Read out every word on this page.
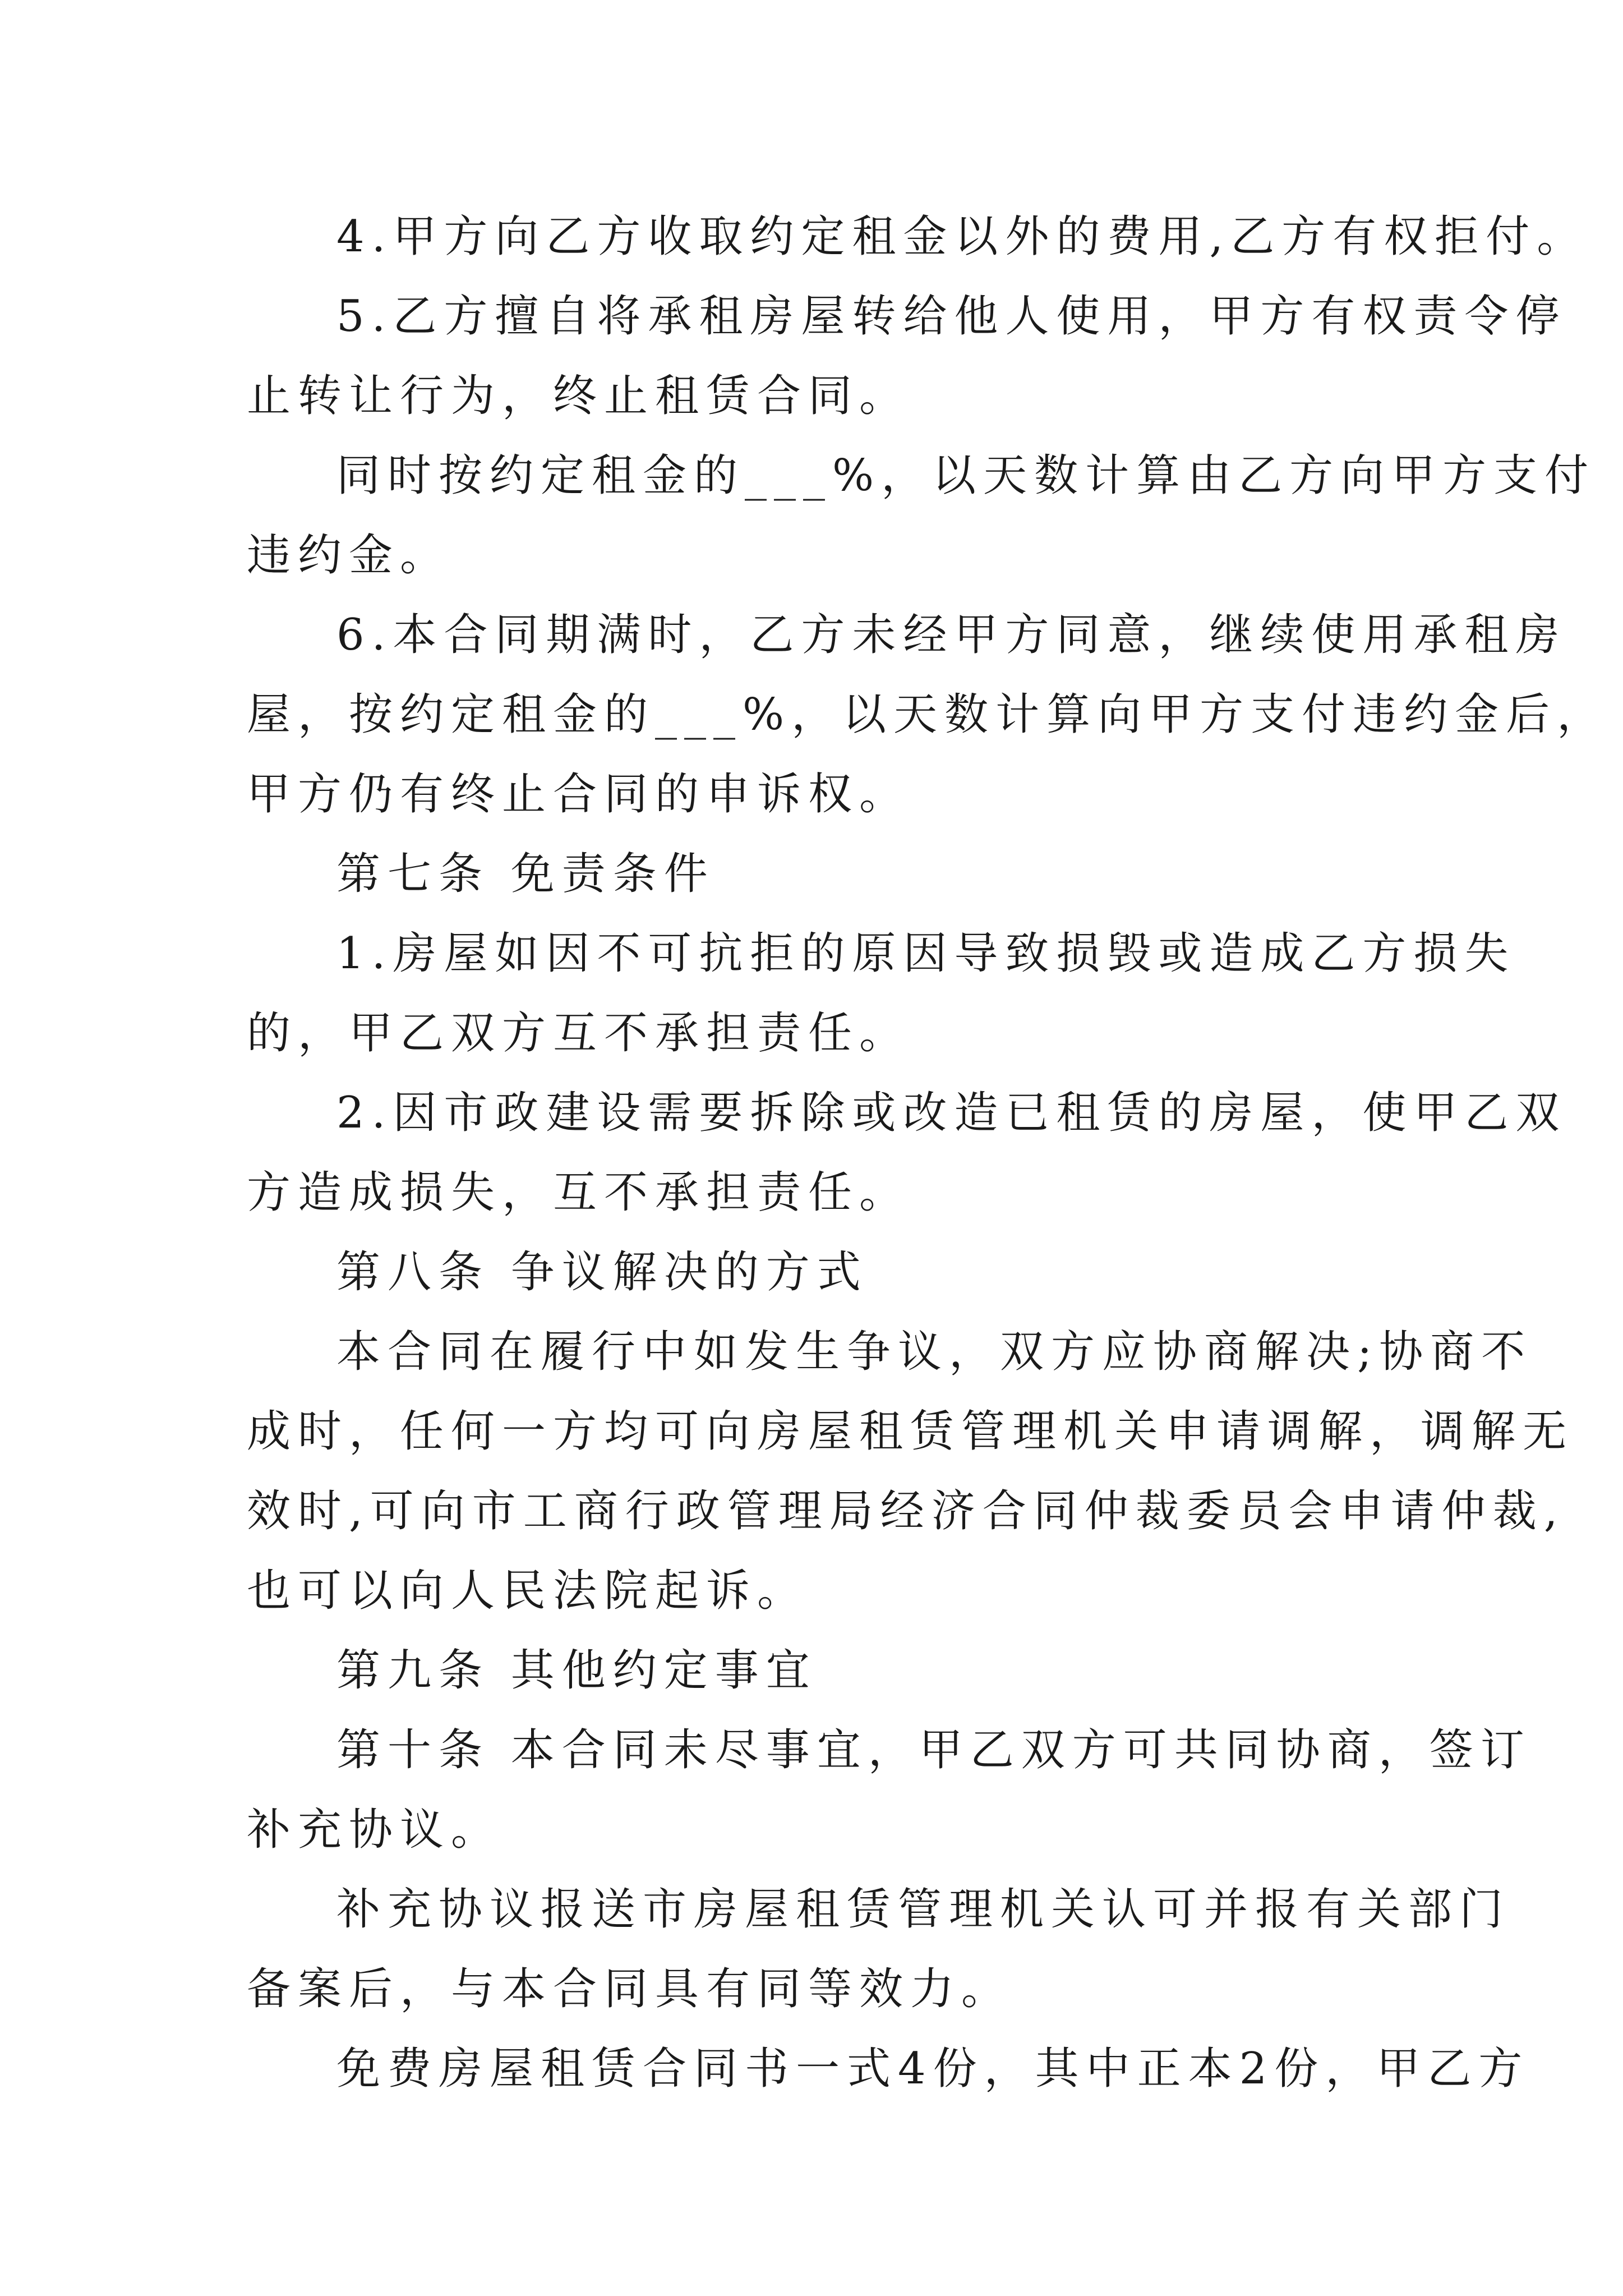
4.甲方向乙方收取约定租金以外的费用,乙方有权拒付。
5.乙方擅自将承租房屋转给他人使用，甲方有权责令停
止转让行为，终止租赁合同。
同时按约定租金的___%，以天数计算由乙方向甲方支付
违约金。
6.本合同期满时，乙方未经甲方同意，继续使用承租房
屋，按约定租金的___%，以天数计算向甲方支付违约金后，
甲方仍有终止合同的申诉权。
第七条 免责条件
1.房屋如因不可抗拒的原因导致损毁或造成乙方损失
的，甲乙双方互不承担责任。
2.因市政建设需要拆除或改造已租赁的房屋，使甲乙双
方造成损失，互不承担责任。
第八条 争议解决的方式
本合同在履行中如发生争议，双方应协商解决;协商不
成时，任何一方均可向房屋租赁管理机关申请调解，调解无
效时,可向市工商行政管理局经济合同仲裁委员会申请仲裁,
也可以向人民法院起诉。
第九条 其他约定事宜
第十条 本合同未尽事宜，甲乙双方可共同协商，签订
补充协议。
补充协议报送市房屋租赁管理机关认可并报有关部门
备案后，与本合同具有同等效力。
免费房屋租赁合同书一式4份，其中正本2份，甲乙方
